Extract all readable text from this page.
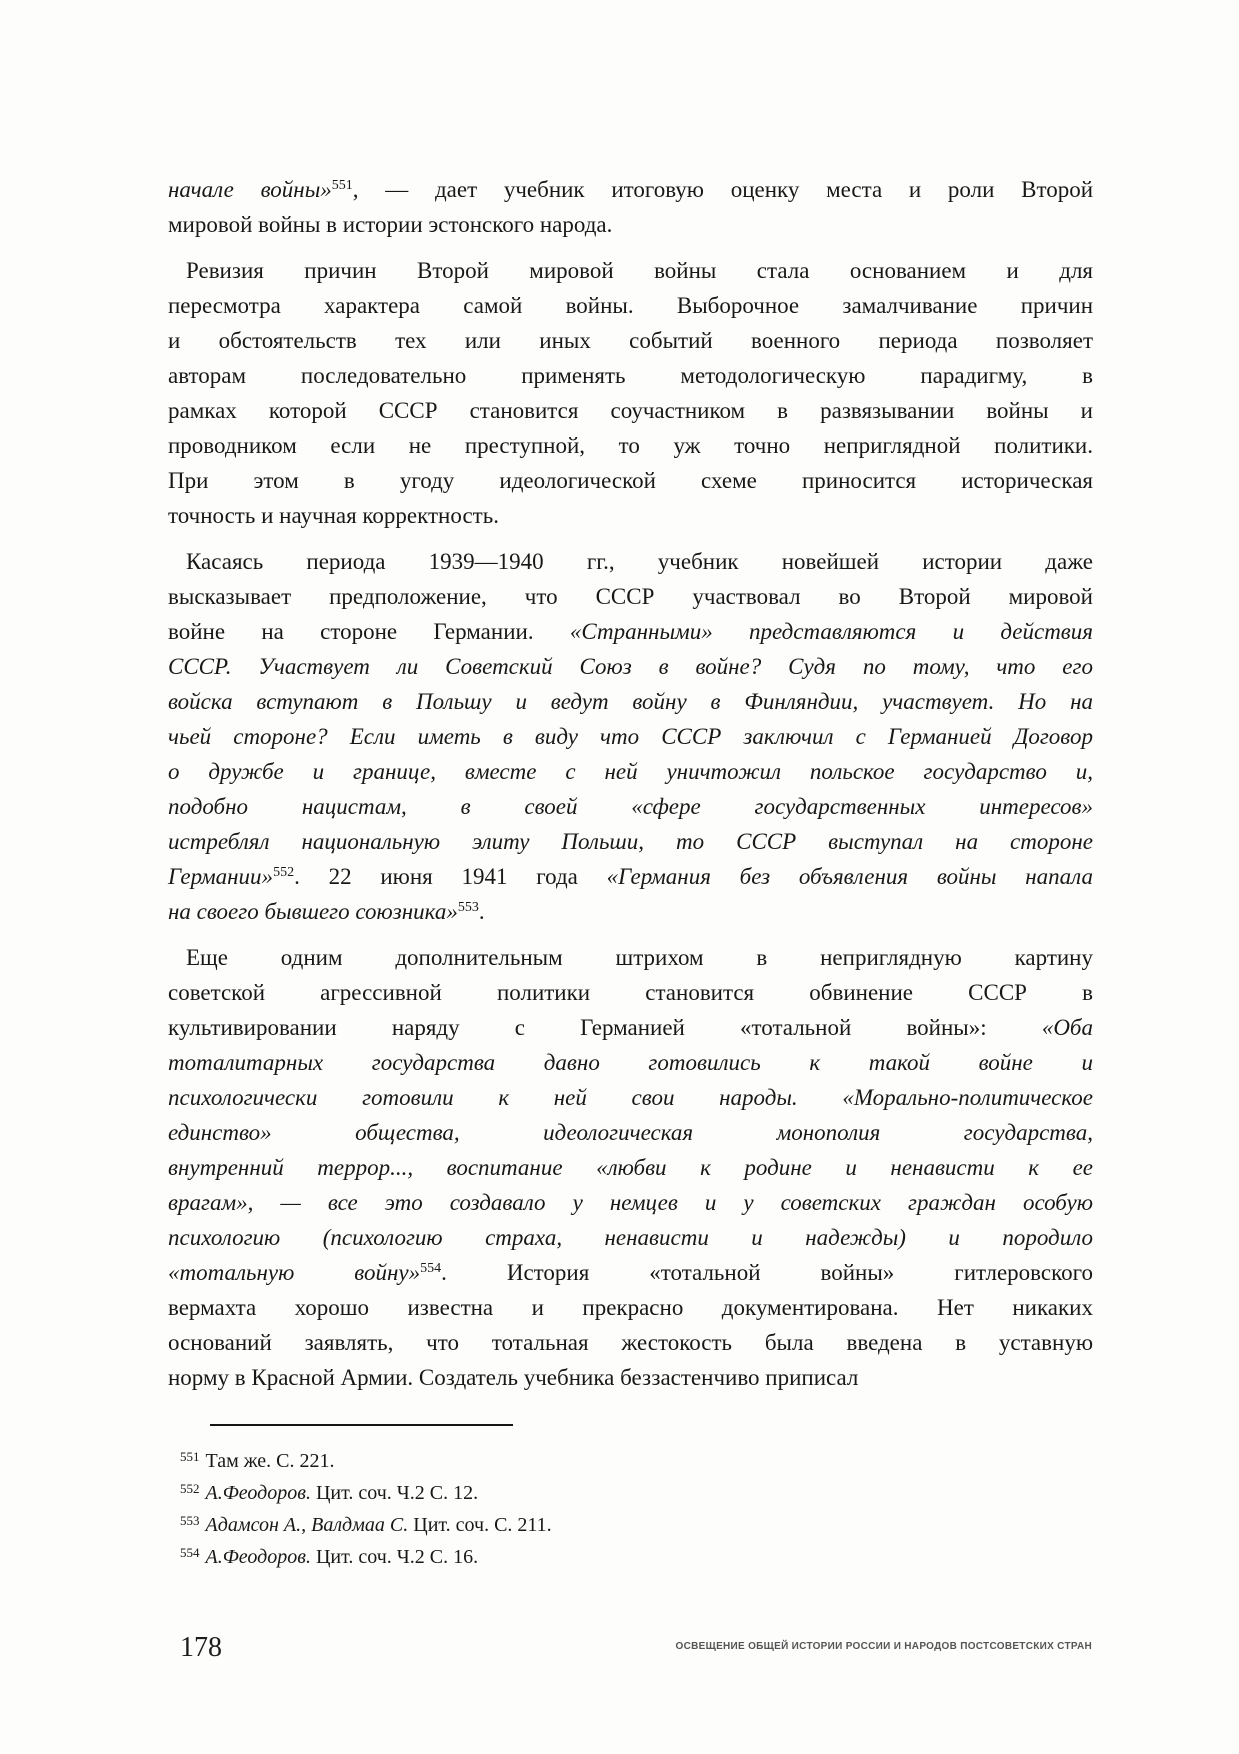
начале войны»$^{551}$, — дает учебник итоговую оценку места и роли Второй
мировой войны в истории эстонского народа.
Ревизия причин Второй мировой войны стала основанием и для
пересмотра характера самой войны. Выборочное замалчивание причин
и обстоятельств тех или иных событий военного периода позволяет
авторам последовательно применять методологическую парадигму, в
рамках которой СССР становится соучастником в развязывании войны и
проводником если не преступной, то уж точно неприглядной политики.
При этом в угоду идеологической схеме приносится историческая
точность и научная корректность.
Касаясь периода 1939—1940 гг., учебник новейшей истории даже
высказывает предположение, что СССР участвовал во Второй мировой
войне на стороне Германии. «Странными» представляются и действия
СССР. Участвует ли Советский Союз в войне? Судя по тому, что его
войска вступают в Польшу и ведут войну в Финляндии, участвует. Но на
чьей стороне? Если иметь в виду что СССР заключил с Германией Договор
о дружбе и границе, вместе с ней уничтожил польское государство и,
подобно нацистам, в своей «сфере государственных интересов»
истреблял национальную элиту Польши, то СССР выступал на стороне
Германии»$^{552}$. 22 июня 1941 года «Германия без объявления войны напала
на своего бывшего союзника»$^{553}$.
Еще одним дополнительным штрихом в неприглядную картину
советской агрессивной политики становится обвинение СССР в
культивировании наряду с Германией «тотальной войны»: «Оба
тоталитарных государства давно готовились к такой войне и
психологически готовили к ней свои народы. «Морально-политическое
единство» общества, идеологическая монополия государства,
внутренний террор..., воспитание «любви к родине и ненависти к ее
врагам», — все это создавало у немцев и у советских граждан особую
психологию (психологию страха, ненависти и надежды) и породило
«тотальную войну»$^{554}$. История «тотальной войны» гитлеровского
вермахта хорошо известна и прекрасно документирована. Нет никаких
оснований заявлять, что тотальная жестокость была введена в уставную
норму в Красной Армии. Создатель учебника беззастенчиво приписал
$^{551}$ Там же. С. 221.
$^{552}$ А.Феодоров. Цит. соч. Ч.2 С. 12.
$^{553}$ Адамсон А., Валдмаа С. Цит. соч. С. 211.
$^{554}$ А.Феодоров. Цит. соч. Ч.2 С. 16.
178	ОСВЕЩЕНИЕ ОБЩЕЙ ИСТОРИИ РОССИИ И НАРОДОВ ПОСТСОВЕТСКИХ СТРАН
